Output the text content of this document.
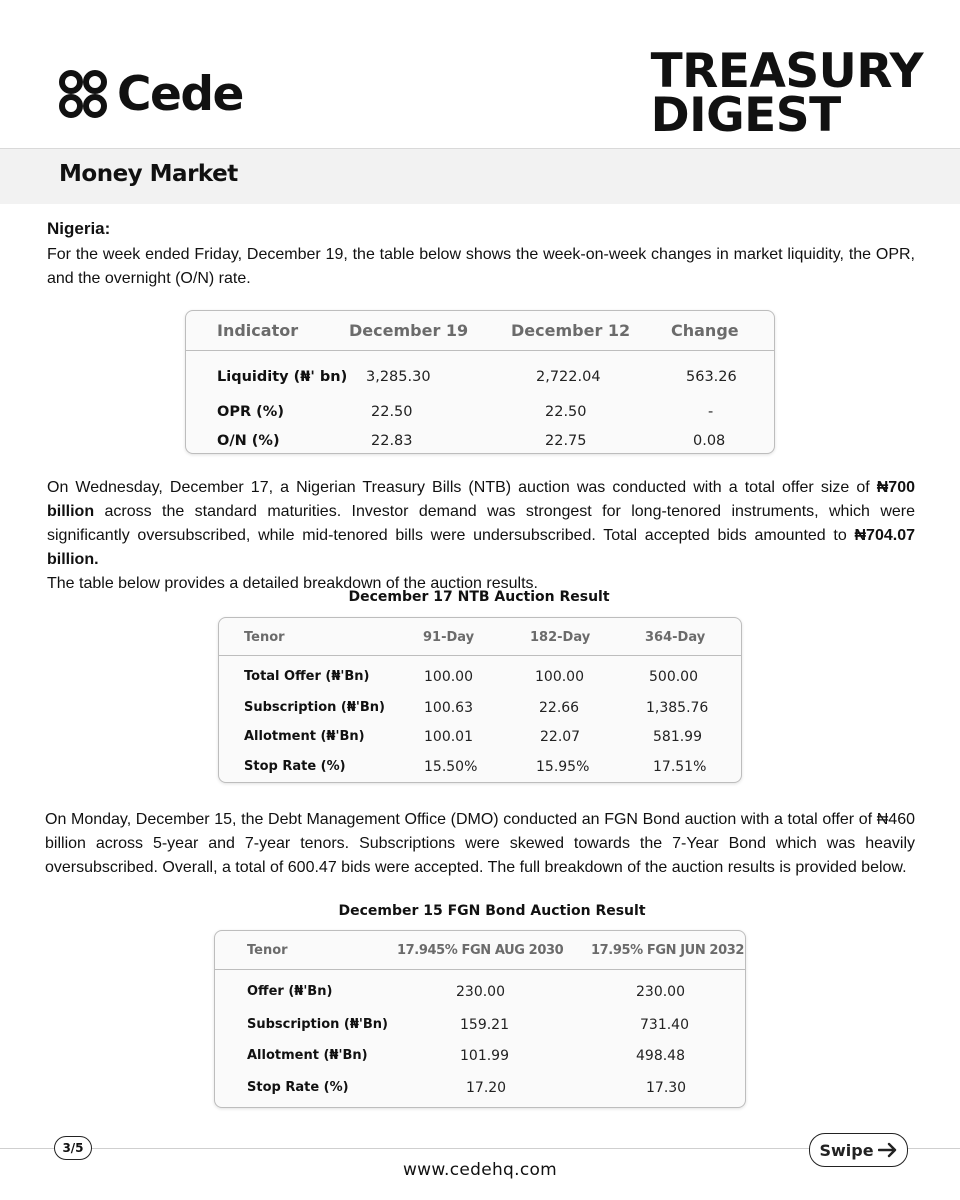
Cede	TREASURY
DIGEST
Money Market
Nigeria:
For the week ended Friday, December 19, the table below shows the week-on-week changes in market liquidity, the OPR, and the overnight (O/N) rate.
Indicator	December 19	December 12	Change
Liquidity (₦' bn)	3,285.30	2,722.04	563.26
OPR (%)	22.50	22.50	-
O/N (%)	22.83	22.75	0.08
On Wednesday, December 17, a Nigerian Treasury Bills (NTB) auction was conducted with a total offer size of ₦700 billion across the standard maturities. Investor demand was strongest for long-tenored instruments, which were significantly oversubscribed, while mid-tenored bills were undersubscribed. Total accepted bids amounted to ₦704.07 billion.
The table below provides a detailed breakdown of the auction results.
December 17 NTB Auction Result
Tenor	91-Day	182-Day	364-Day
Total Offer (₦'Bn)	100.00	100.00	500.00
Subscription (₦'Bn)	100.63	22.66	1,385.76
Allotment (₦'Bn)	100.01	22.07	581.99
Stop Rate (%)	15.50%	15.95%	17.51%
On Monday, December 15, the Debt Management Office (DMO) conducted an FGN Bond auction with a total offer of ₦460 billion across 5-year and 7-year tenors. Subscriptions were skewed towards the 7-Year Bond which was heavily oversubscribed. Overall, a total of 600.47 bids were accepted. The full breakdown of the auction results is provided below.
December 15 FGN Bond Auction Result
Tenor	17.945% FGN AUG 2030	17.95% FGN JUN 2032
Offer (₦'Bn)	230.00	230.00
Subscription (₦'Bn)	159.21	731.40
Allotment (₦'Bn)	101.99	498.48
Stop Rate (%)	17.20	17.30
3/5	Swipe
www.cedehq.com
